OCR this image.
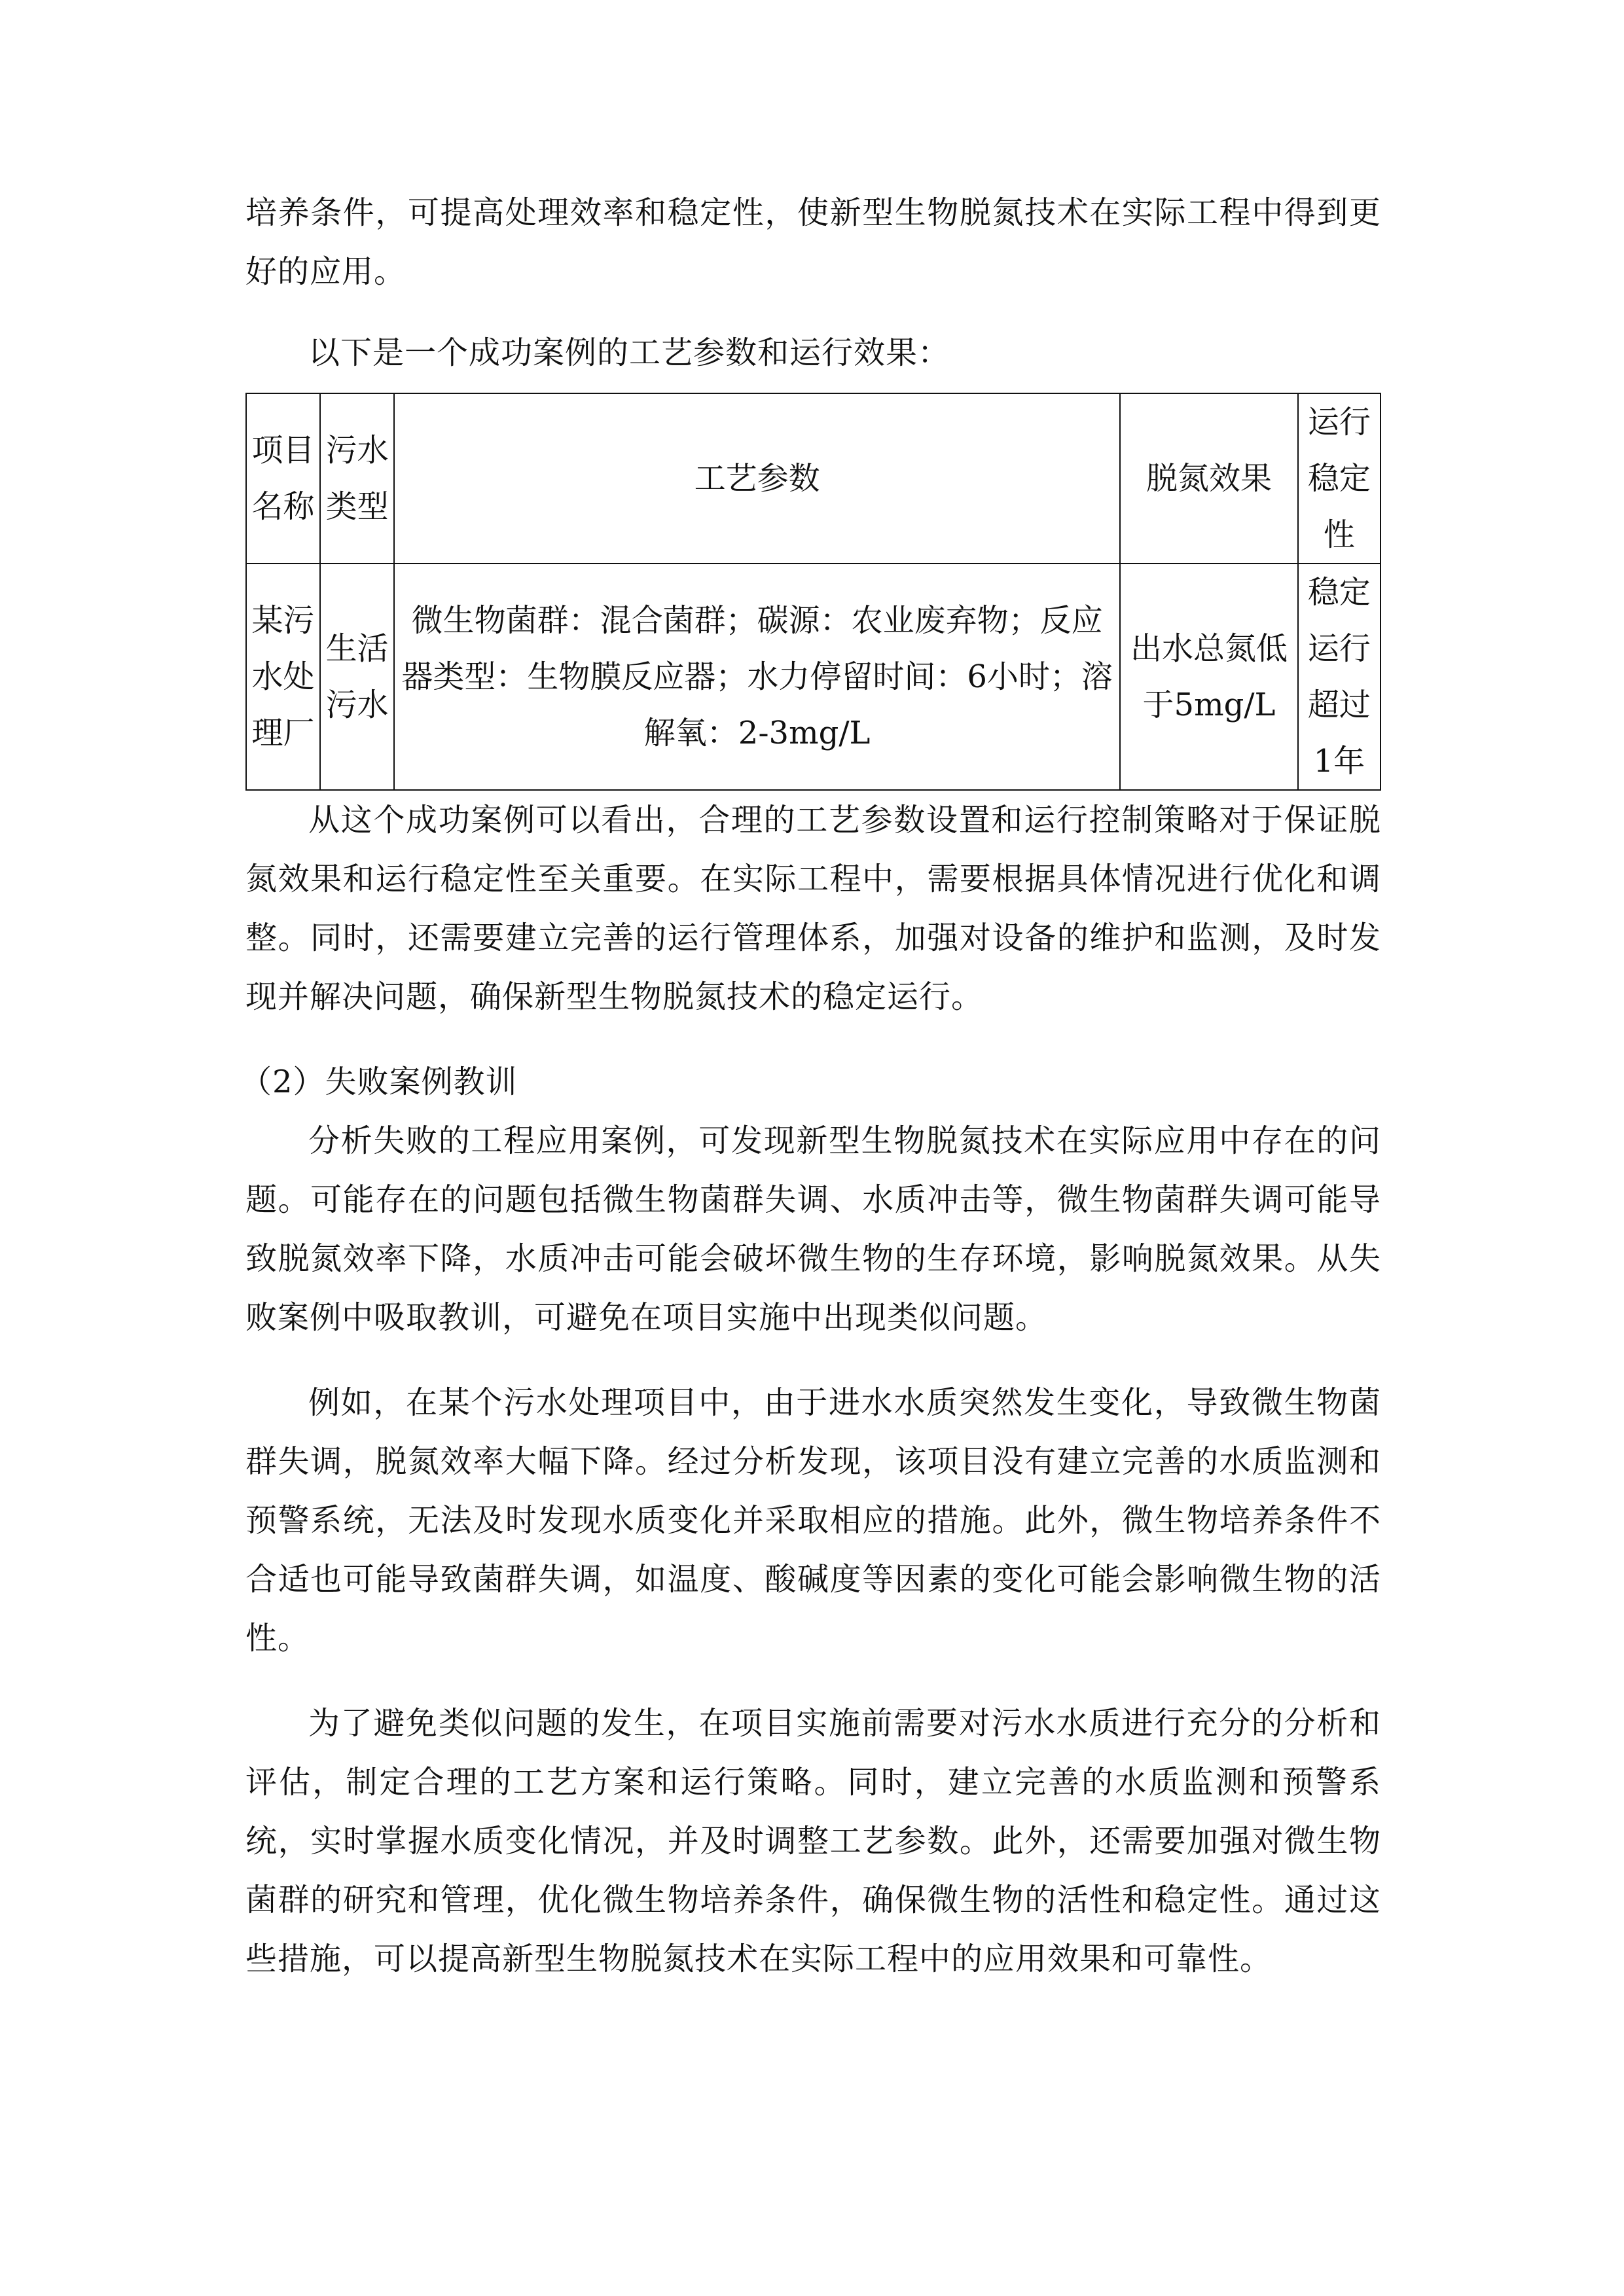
培养条件，可提高处理效率和稳定性，使新型生物脱氮技术在实际工程中得到更好的应用。

以下是一个成功案例的工艺参数和运行效果：

项目名称	污水类型	工艺参数	脱氮效果	运行稳定性
某污水处理厂	生活污水	微生物菌群：混合菌群；碳源：农业废弃物；反应器类型：生物膜反应器；水力停留时间：6小时；溶解氧：2-3mg/L	出水总氮低于5mg/L	稳定运行超过1年

从这个成功案例可以看出，合理的工艺参数设置和运行控制策略对于保证脱氮效果和运行稳定性至关重要。在实际工程中，需要根据具体情况进行优化和调整。同时，还需要建立完善的运行管理体系，加强对设备的维护和监测，及时发现并解决问题，确保新型生物脱氮技术的稳定运行。

（2）失败案例教训

分析失败的工程应用案例，可发现新型生物脱氮技术在实际应用中存在的问题。可能存在的问题包括微生物菌群失调、水质冲击等，微生物菌群失调可能导致脱氮效率下降，水质冲击可能会破坏微生物的生存环境，影响脱氮效果。从失败案例中吸取教训，可避免在项目实施中出现类似问题。

例如，在某个污水处理项目中，由于进水水质突然发生变化，导致微生物菌群失调，脱氮效率大幅下降。经过分析发现，该项目没有建立完善的水质监测和预警系统，无法及时发现水质变化并采取相应的措施。此外，微生物培养条件不合适也可能导致菌群失调，如温度、酸碱度等因素的变化可能会影响微生物的活性。

为了避免类似问题的发生，在项目实施前需要对污水水质进行充分的分析和评估，制定合理的工艺方案和运行策略。同时，建立完善的水质监测和预警系统，实时掌握水质变化情况，并及时调整工艺参数。此外，还需要加强对微生物菌群的研究和管理，优化微生物培养条件，确保微生物的活性和稳定性。通过这些措施，可以提高新型生物脱氮技术在实际工程中的应用效果和可靠性。
